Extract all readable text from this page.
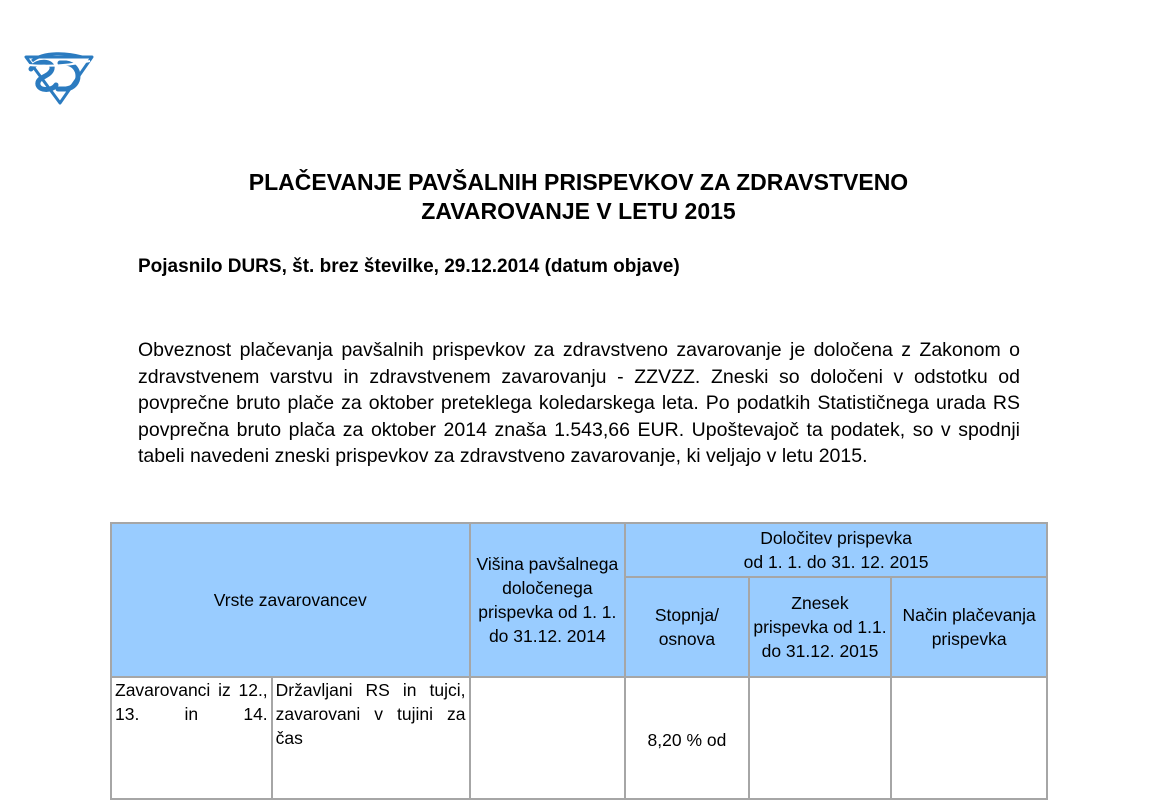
PLAČEVANJE PAVŠALNIH PRISPEVKOV ZA ZDRAVSTVENO
ZAVAROVANJE V LETU 2015
Pojasnilo DURS, št. brez številke, 29.12.2014 (datum objave)
Obveznost plačevanja pavšalnih prispevkov za zdravstveno zavarovanje je določena z Zakonom o zdravstvenem varstvu in zdravstvenem zavarovanju - ZZVZZ. Zneski so določeni v odstotku od povprečne bruto plače za oktober preteklega koledarskega leta. Po podatkih Statističnega urada RS povprečna bruto plača za oktober 2014 znaša 1.543,66 EUR. Upoštevajoč ta podatek, so v spodnji tabeli navedeni zneski prispevkov za zdravstveno zavarovanje, ki veljajo v letu 2015.
Vrste zavarovancev		Višina pavšalnega določenega prispevka od 1. 1. do 31.12. 2014	Določitev prispevka
od 1. 1. do 31. 12. 2015		

			Stopnja/ osnova	Znesek prispevka od 1.1. do 31.12. 2015	Način plačevanja prispevka
Zavarovanci iz 12., 13. in 14.	Državljani RS in tujci, zavarovani v tujini za čas		8,20 % od		
